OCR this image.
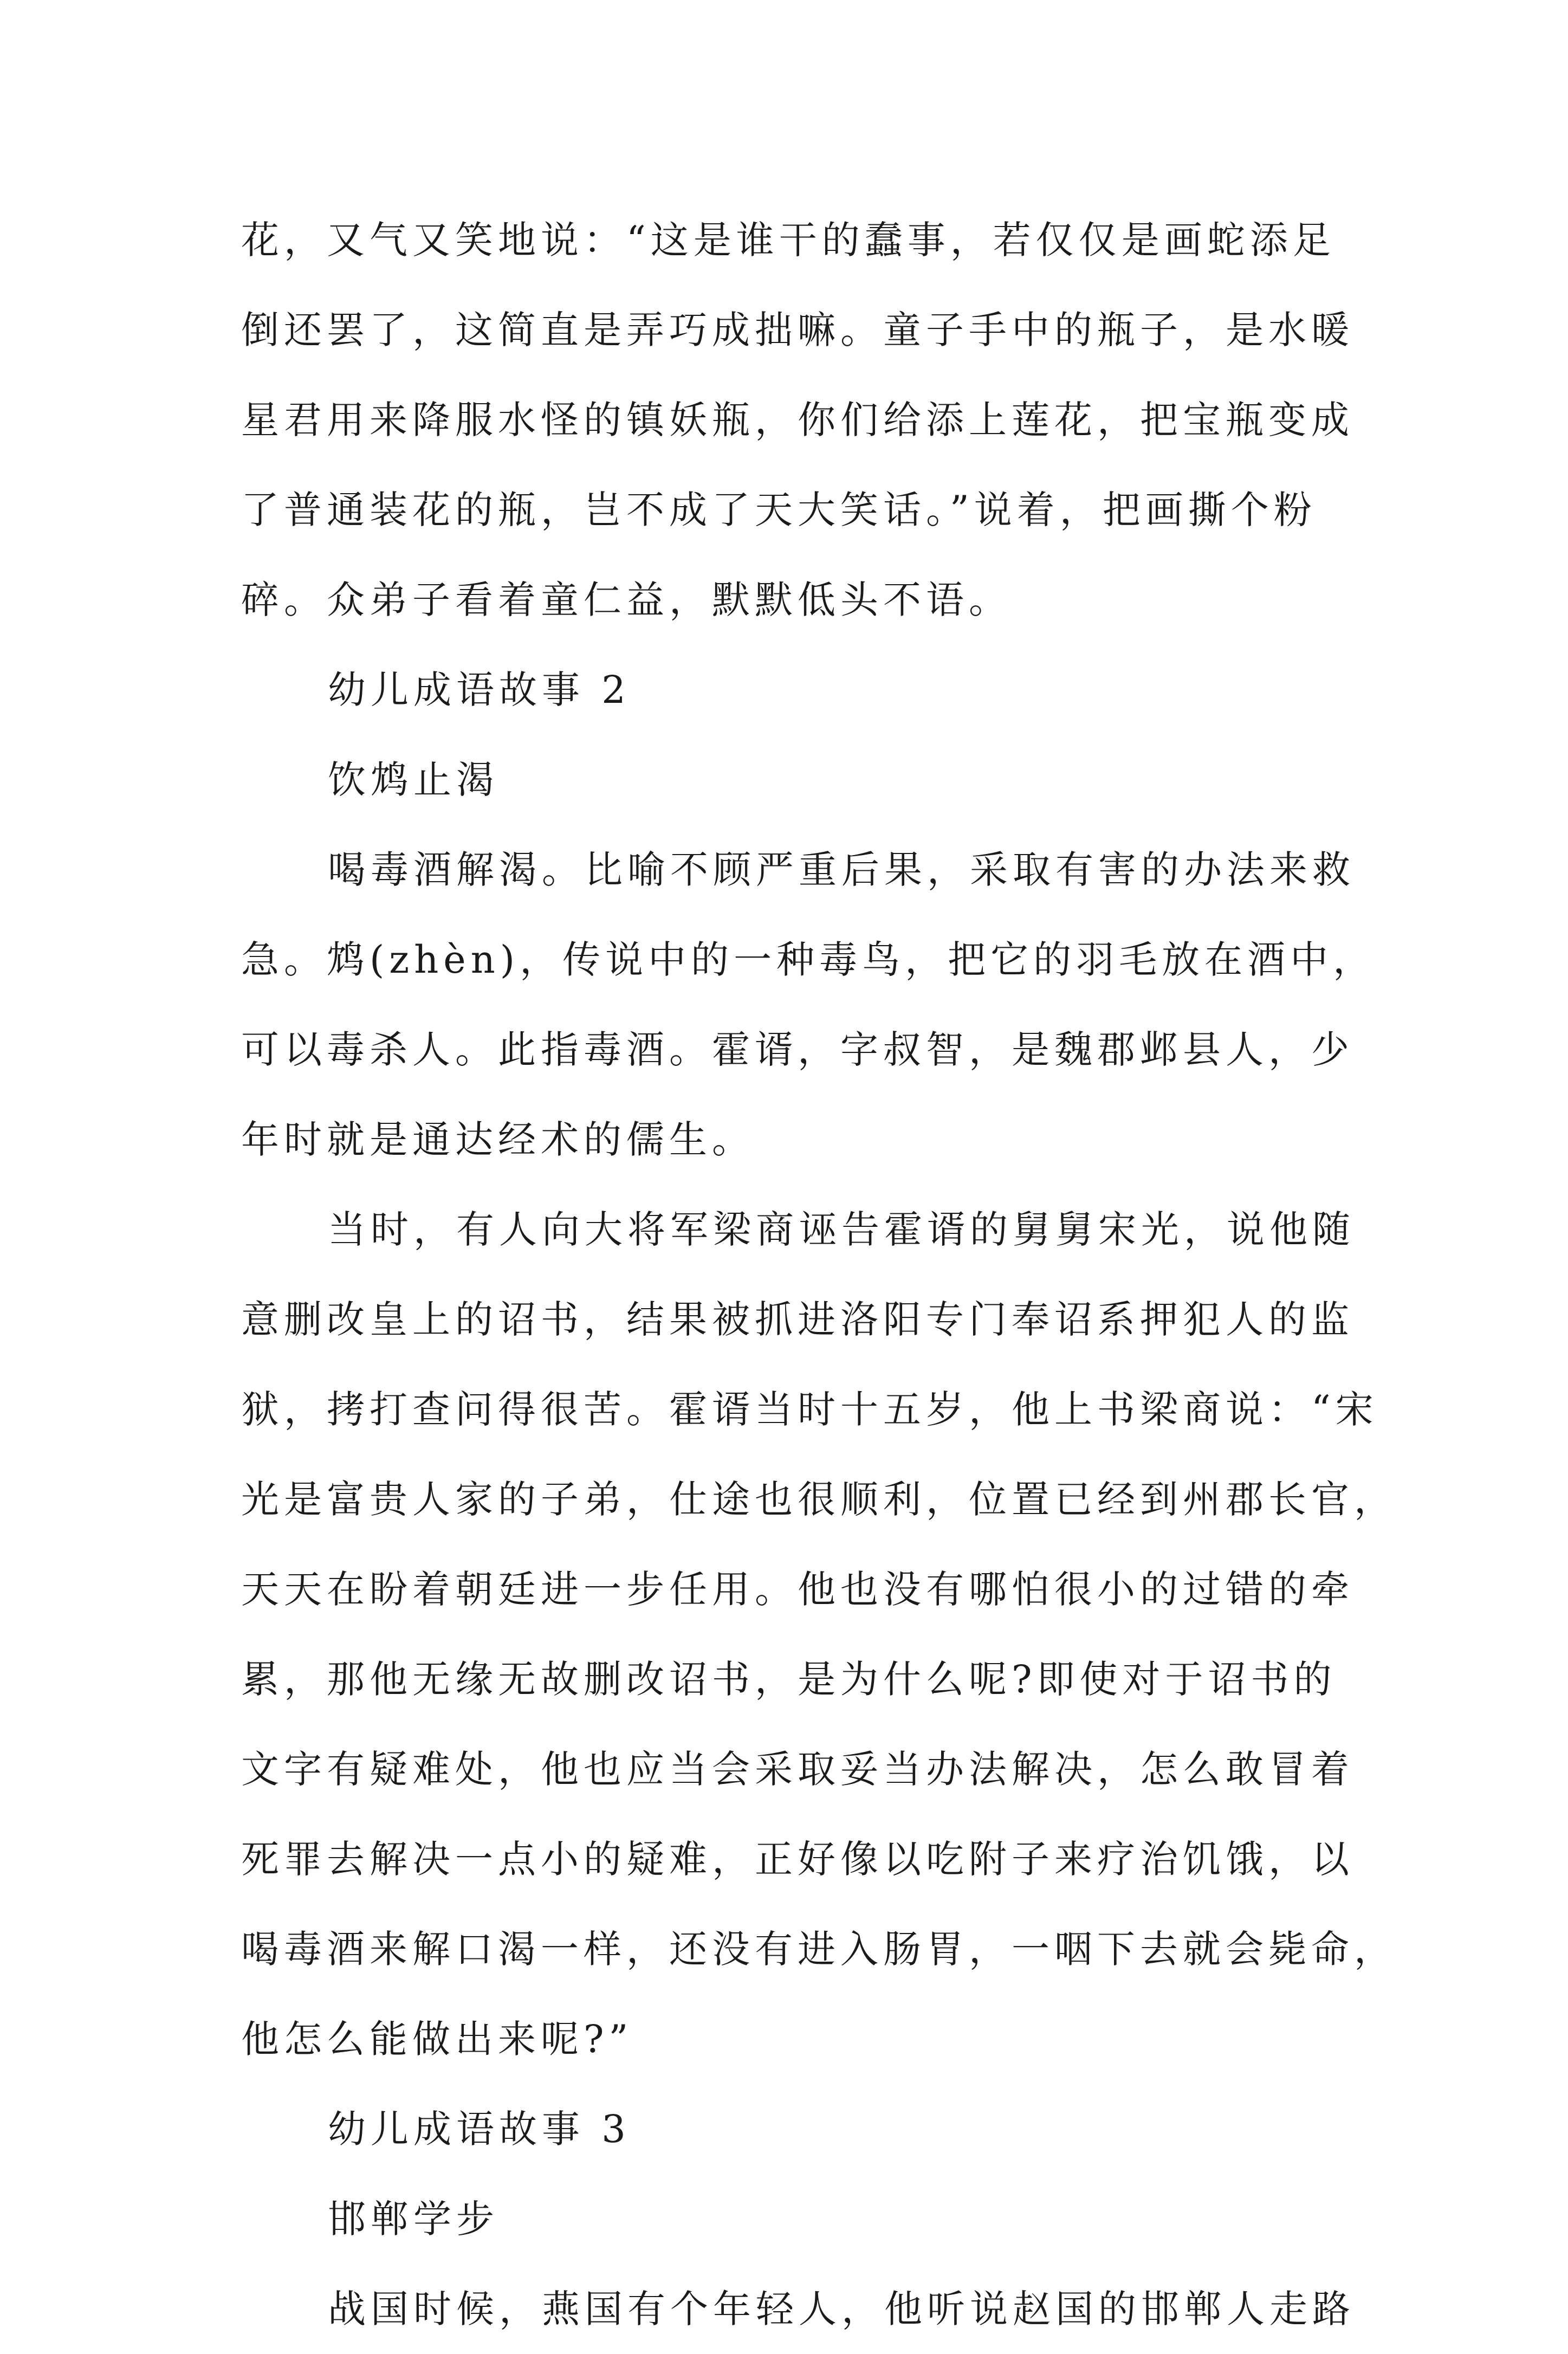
花，又气又笑地说：“这是谁干的蠢事，若仅仅是画蛇添足
倒还罢了，这简直是弄巧成拙嘛。童子手中的瓶子，是水暖
星君用来降服水怪的镇妖瓶，你们给添上莲花，把宝瓶变成
了普通装花的瓶，岂不成了天大笑话。”说着，把画撕个粉
碎。众弟子看着童仁益，默默低头不语。

幼儿成语故事 2

饮鸩止渴

喝毒酒解渴。比喻不顾严重后果，采取有害的办法来救
急。鸩(zhèn)，传说中的一种毒鸟，把它的羽毛放在酒中，
可以毒杀人。此指毒酒。霍谞，字叔智，是魏郡邺县人，少
年时就是通达经术的儒生。

当时，有人向大将军梁商诬告霍谞的舅舅宋光，说他随
意删改皇上的诏书，结果被抓进洛阳专门奉诏系押犯人的监
狱，拷打查问得很苦。霍谞当时十五岁，他上书梁商说：“宋
光是富贵人家的子弟，仕途也很顺利，位置已经到州郡长官，
天天在盼着朝廷进一步任用。他也没有哪怕很小的过错的牵
累，那他无缘无故删改诏书，是为什么呢?即使对于诏书的
文字有疑难处，他也应当会采取妥当办法解决，怎么敢冒着
死罪去解决一点小的疑难，正好像以吃附子来疗治饥饿，以
喝毒酒来解口渴一样，还没有进入肠胃，一咽下去就会毙命，
他怎么能做出来呢?”

幼儿成语故事 3

邯郸学步

战国时候，燕国有个年轻人，他听说赵国的邯郸人走路
